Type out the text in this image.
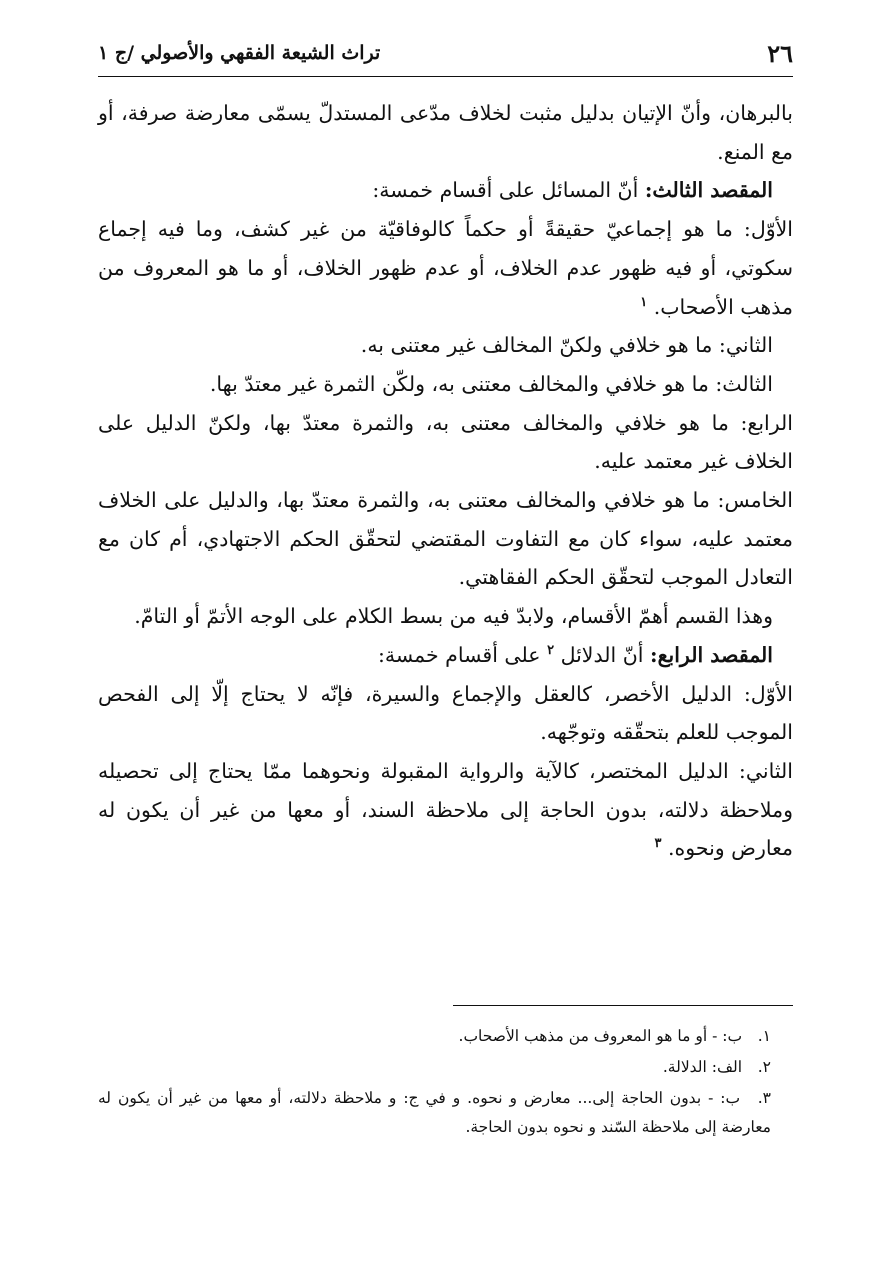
٢٦
تراث الشيعة الفقهي والأصولي /ج ١

بالبرهان، وأنّ الإتيان بدليل مثبت لخلاف مدّعى المستدلّ يسمّى معارضة صرفة، أو مع المنع.

المقصد الثالث: أنّ المسائل على أقسام خمسة:

الأوّل: ما هو إجماعيّ حقيقةً أو حكماً كالوفاقيّة من غير كشف، وما فيه إجماع سكوتي، أو فيه ظهور عدم الخلاف، أو عدم ظهور الخلاف، أو ما هو المعروف من مذهب الأصحاب. $^١$

الثاني: ما هو خلافي ولكنّ المخالف غير معتنى به.

الثالث: ما هو خلافي والمخالف معتنى به، ولكّن الثمرة غير معتدّ بها.

الرابع: ما هو خلافي والمخالف معتنى به، والثمرة معتدّ بها، ولكنّ الدليل على الخلاف غير معتمد عليه.

الخامس: ما هو خلافي والمخالف معتنى به، والثمرة معتدّ بها، والدليل على الخلاف معتمد عليه، سواء كان مع التفاوت المقتضي لتحقّق الحكم الاجتهادي، أم كان مع التعادل الموجب لتحقّق الحكم الفقاهتي.

وهذا القسم أهمّ الأقسام، ولابدّ فيه من بسط الكلام على الوجه الأتمّ أو التامّ.

المقصد الرابع: أنّ الدلائل $^٢$ على أقسام خمسة:

الأوّل: الدليل الأخصر، كالعقل والإجماع والسيرة، فإنّه لا يحتاج إلّا إلى الفحص الموجب للعلم بتحقّقه وتوجّهه.

الثاني: الدليل المختصر، كالآية والرواية المقبولة ونحوهما ممّا يحتاج إلى تحصيله وملاحظة دلالته، بدون الحاجة إلى ملاحظة السند، أو معها من غير أن يكون له معارض ونحوه. $^٣$

١. ب: - أو ما هو المعروف من مذهب الأصحاب.

٢. الف: الدلالة.

٣. ب: - بدون الحاجة إلى... معارض و نحوه. و في ج: و ملاحظة دلالته، أو معها من غير أن يكون له معارضة إلى ملاحظة السّند و نحوه بدون الحاجة.
